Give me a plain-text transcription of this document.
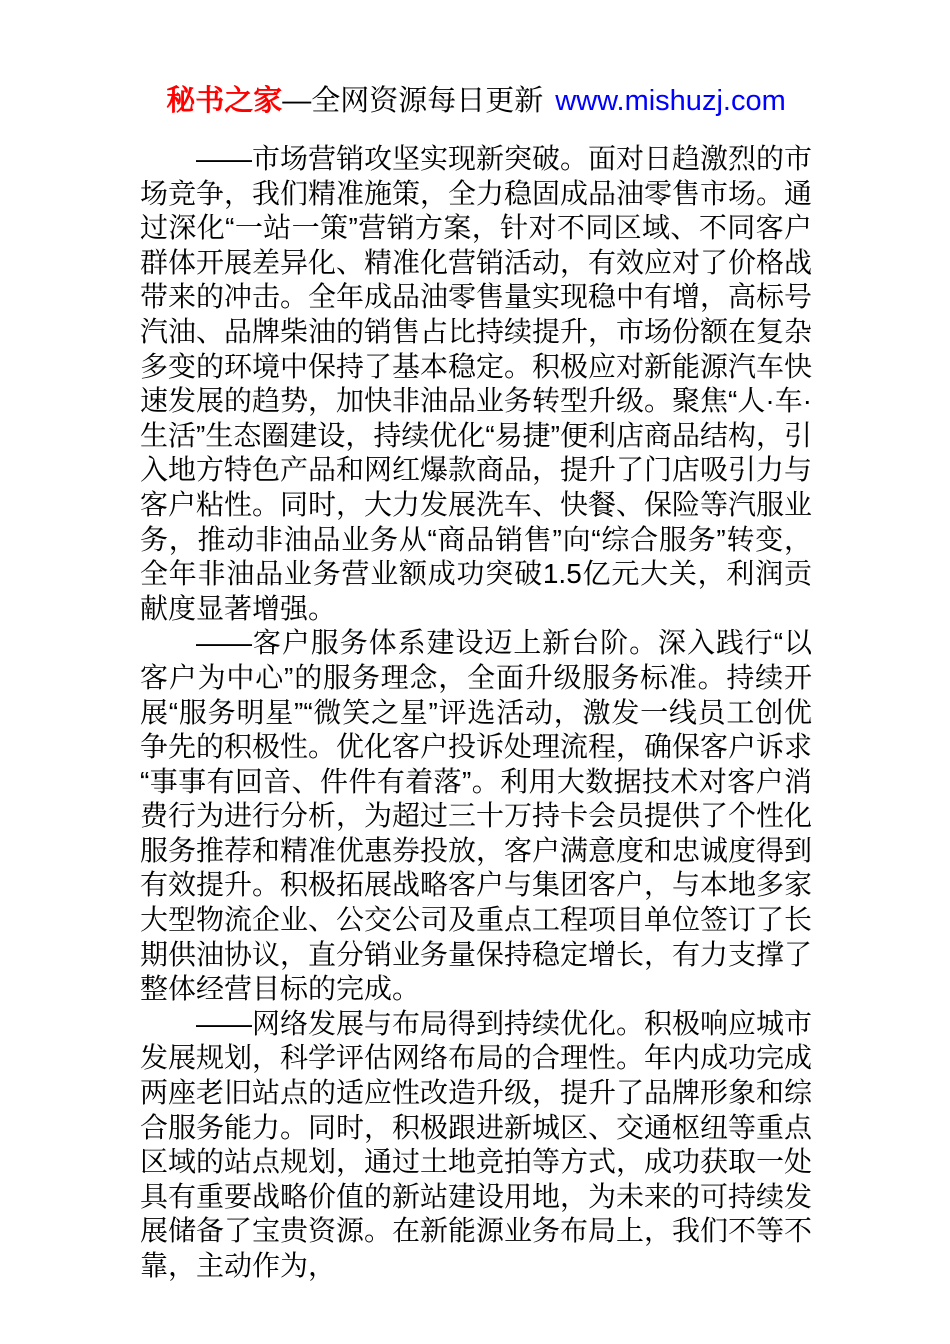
秘书之家—全网资源每日更新 www.mishuzj.com

——市场营销攻坚实现新突破。面对日趋激烈的市场竞争，我们精准施策，全力稳固成品油零售市场。通过深化“一站一策”营销方案，针对不同区域、不同客户群体开展差异化、精准化营销活动，有效应对了价格战带来的冲击。全年成品油零售量实现稳中有增，高标号汽油、品牌柴油的销售占比持续提升，市场份额在复杂多变的环境中保持了基本稳定。积极应对新能源汽车快速发展的趋势，加快非油品业务转型升级。聚焦“人·车·生活”生态圈建设，持续优化“易捷”便利店商品结构，引入地方特色产品和网红爆款商品，提升了门店吸引力与客户粘性。同时，大力发展洗车、快餐、保险等汽服业务，推动非油品业务从“商品销售”向“综合服务”转变，全年非油品业务营业额成功突破1.5亿元大关，利润贡献度显著增强。

——客户服务体系建设迈上新台阶。深入践行“以客户为中心”的服务理念，全面升级服务标准。持续开展“服务明星”“微笑之星”评选活动，激发一线员工创优争先的积极性。优化客户投诉处理流程，确保客户诉求“事事有回音、件件有着落”。利用大数据技术对客户消费行为进行分析，为超过三十万持卡会员提供了个性化服务推荐和精准优惠券投放，客户满意度和忠诚度得到有效提升。积极拓展战略客户与集团客户，与本地多家大型物流企业、公交公司及重点工程项目单位签订了长期供油协议，直分销业务量保持稳定增长，有力支撑了整体经营目标的完成。

——网络发展与布局得到持续优化。积极响应城市发展规划，科学评估网络布局的合理性。年内成功完成两座老旧站点的适应性改造升级，提升了品牌形象和综合服务能力。同时，积极跟进新城区、交通枢纽等重点区域的站点规划，通过土地竞拍等方式，成功获取一处具有重要战略价值的新站建设用地，为未来的可持续发展储备了宝贵资源。在新能源业务布局上，我们不等不靠，主动作为，
